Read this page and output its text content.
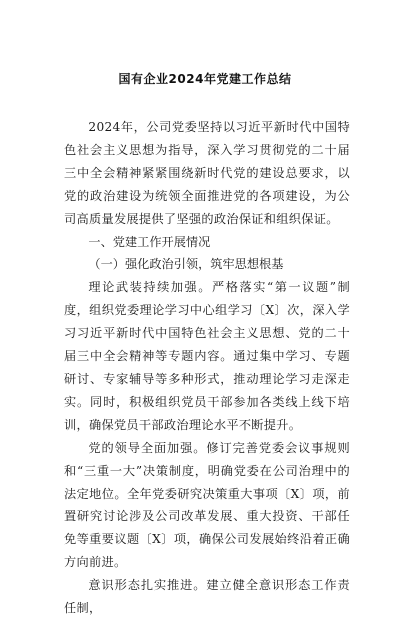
国有企业2024年党建工作总结

2024年，公司党委坚持以习近平新时代中国特色社会主义思想为指导，深入学习贯彻党的二十届三中全会精神紧紧围绕新时代党的建设总要求，以党的政治建设为统领全面推进党的各项建设，为公司高质量发展提供了坚强的政治保证和组织保证。

一、党建工作开展情况

（一）强化政治引领，筑牢思想根基

理论武装持续加强。严格落实“第一议题”制度，组织党委理论学习中心组学习〔X〕次，深入学习习近平新时代中国特色社会主义思想、党的二十届三中全会精神等专题内容。通过集中学习、专题研讨、专家辅导等多种形式，推动理论学习走深走实。同时，积极组织党员干部参加各类线上线下培训，确保党员干部政治理论水平不断提升。

党的领导全面加强。修订完善党委会议事规则和“三重一大”决策制度，明确党委在公司治理中的法定地位。全年党委研究决策重大事项〔X〕项，前置研究讨论涉及公司改革发展、重大投资、干部任免等重要议题〔X〕项，确保公司发展始终沿着正确方向前进。

意识形态扎实推进。建立健全意识形态工作责任制，
